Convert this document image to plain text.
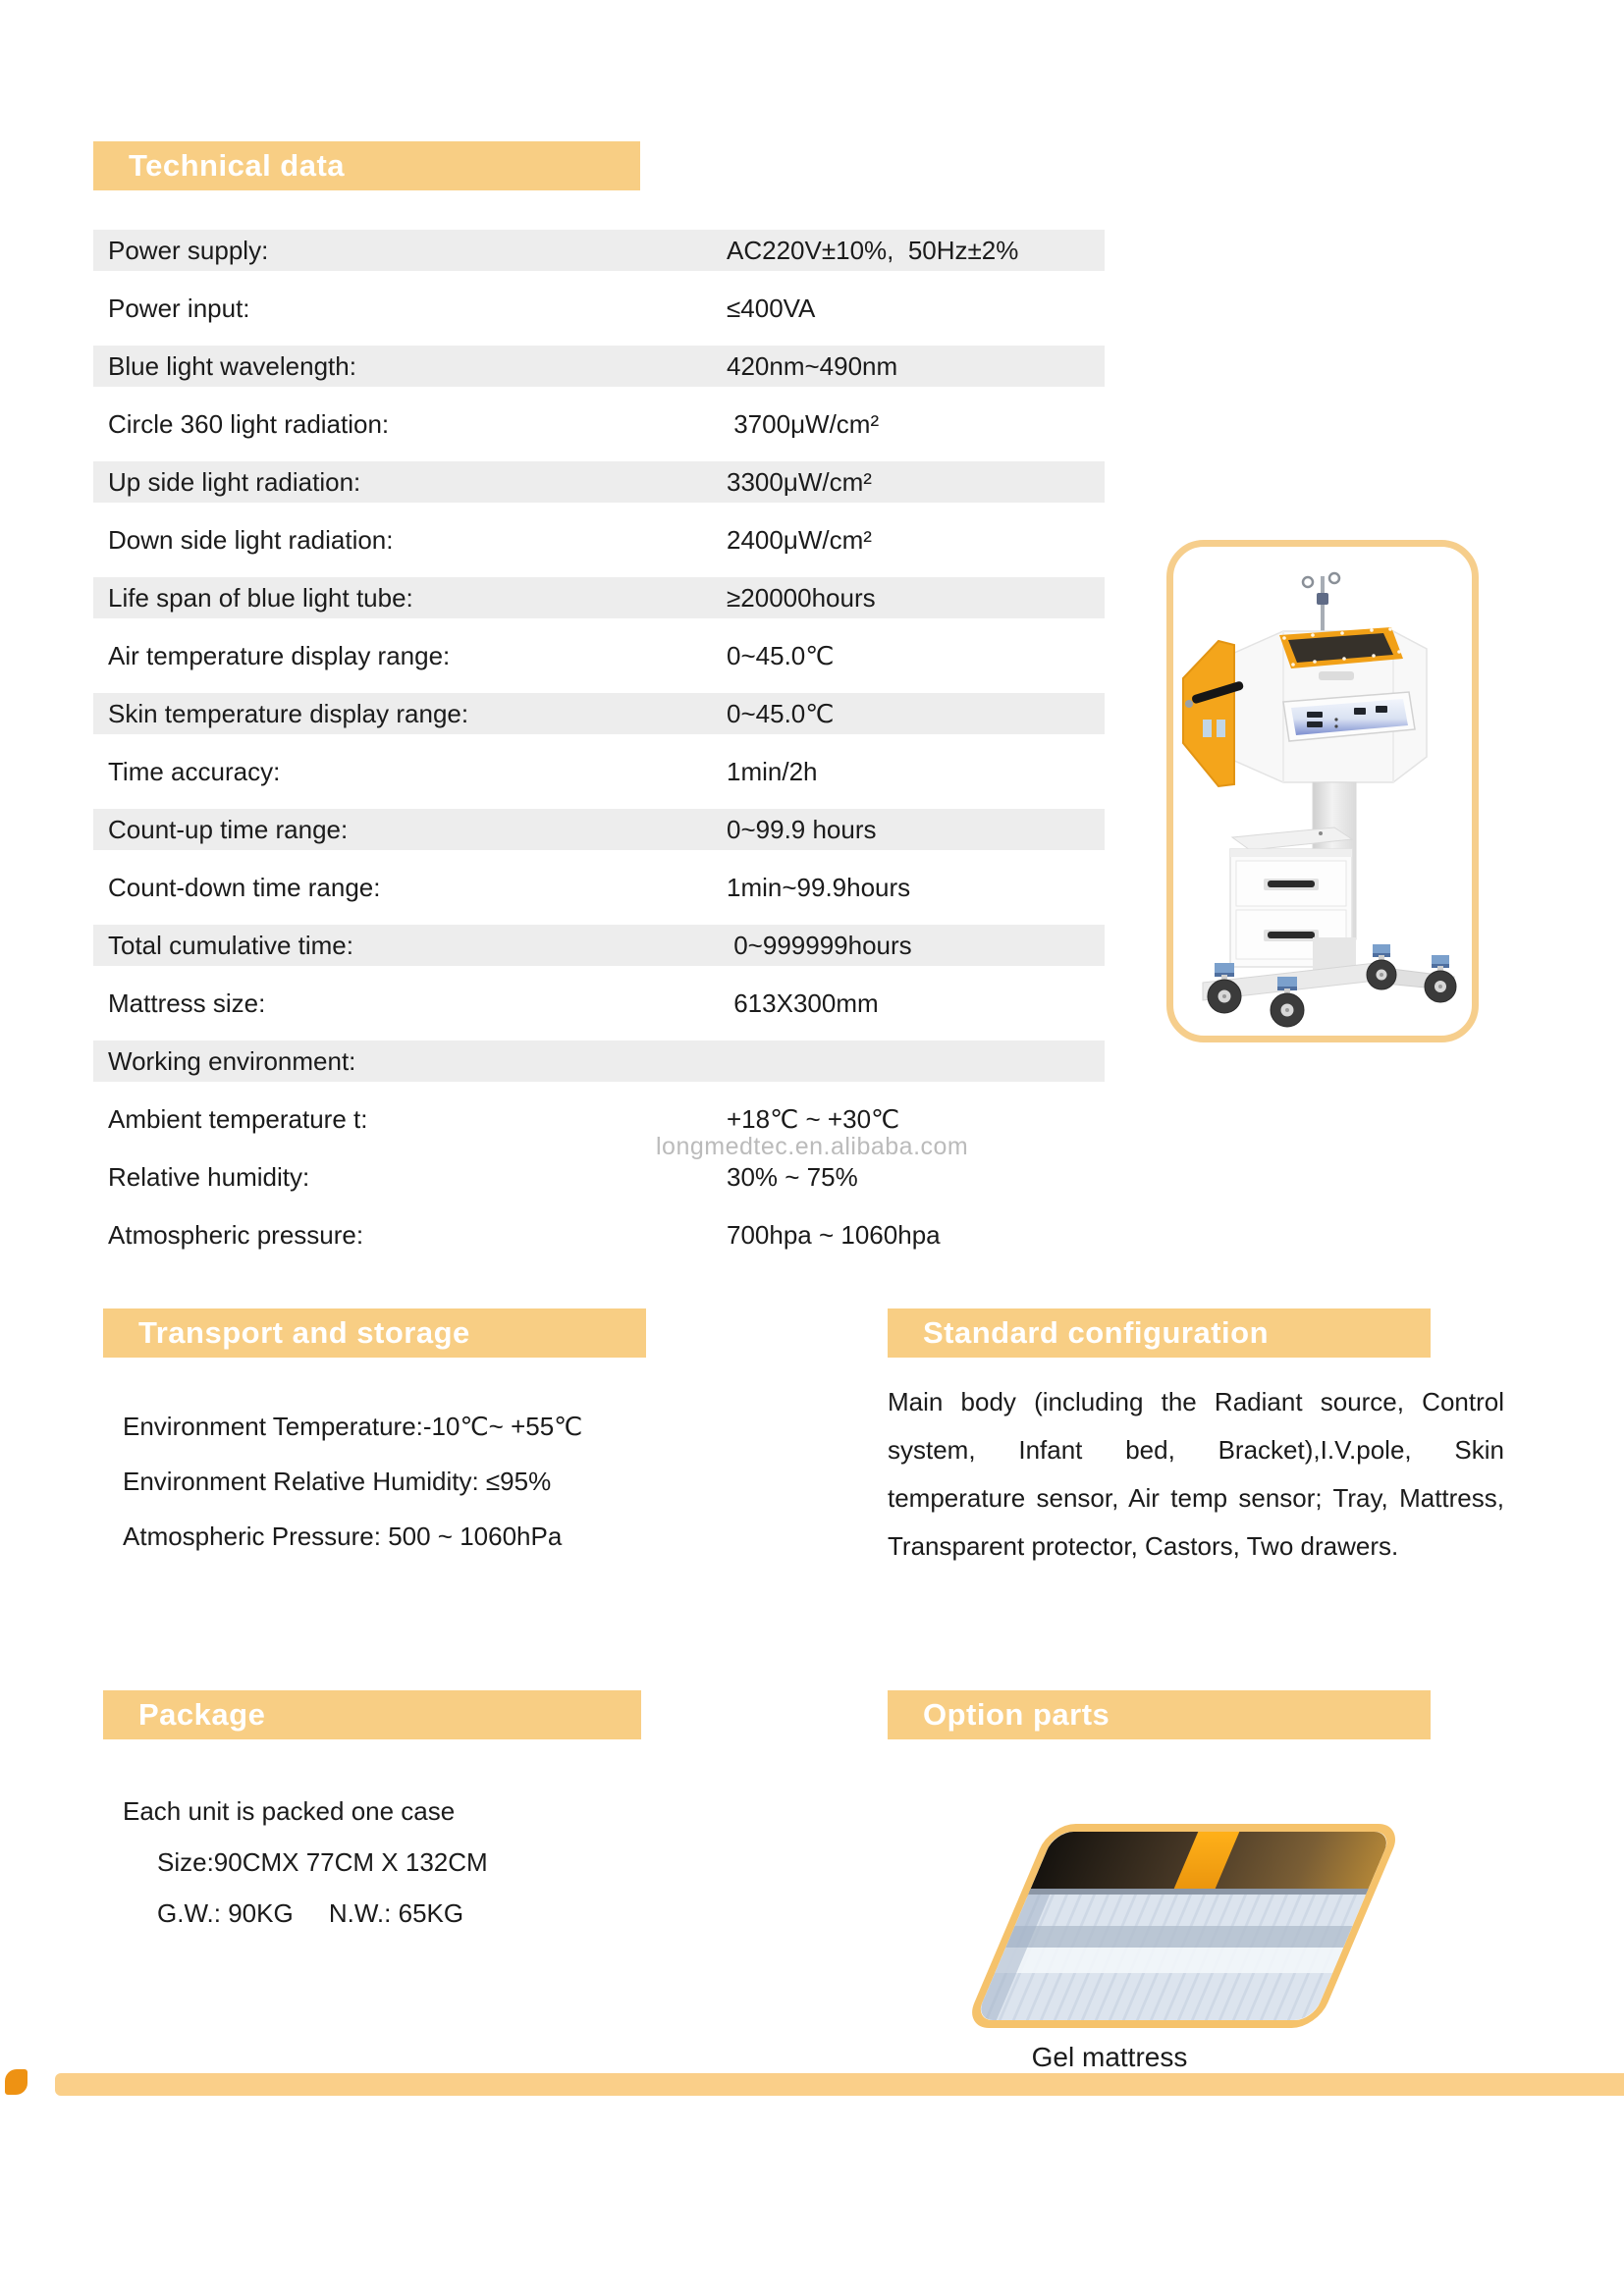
Technical data
Power supply:	AC220V±10%,  50Hz±2%
Power input:	≤400VA
Blue light wavelength:	420nm~490nm
Circle 360 light radiation:	3700μW/cm²
Up side light radiation:	3300μW/cm²
Down side light radiation:	2400μW/cm²
Life span of blue light tube:	≥20000hours
Air temperature display range:	0~45.0℃
Skin temperature display range:	0~45.0℃
Time accuracy:	1min/2h
Count-up time range:	0~99.9 hours
Count-down time range:	1min~99.9hours
Total cumulative time:	0~999999hours
Mattress size:	613X300mm
Working environment:
Ambient temperature t:	+18℃ ~ +30℃
Relative humidity:	30% ~ 75%
Atmospheric pressure:	700hpa ~ 1060hpa
longmedtec.en.alibaba.com
Transport and storage	Standard configuration
Environment Temperature:-10℃~ +55℃
Environment Relative Humidity: ≤95%
Atmospheric Pressure: 500 ~ 1060hPa
Main body (including the Radiant source, Control system, Infant bed, Bracket),I.V.pole, Skin temperature sensor, Air temp sensor; Tray, Mattress, Transparent protector, Castors, Two drawers.
Package	Option parts
Each unit is packed one case
Size:90CMX 77CM X 132CM
G.W.: 90KG     N.W.: 65KG
Gel mattress
